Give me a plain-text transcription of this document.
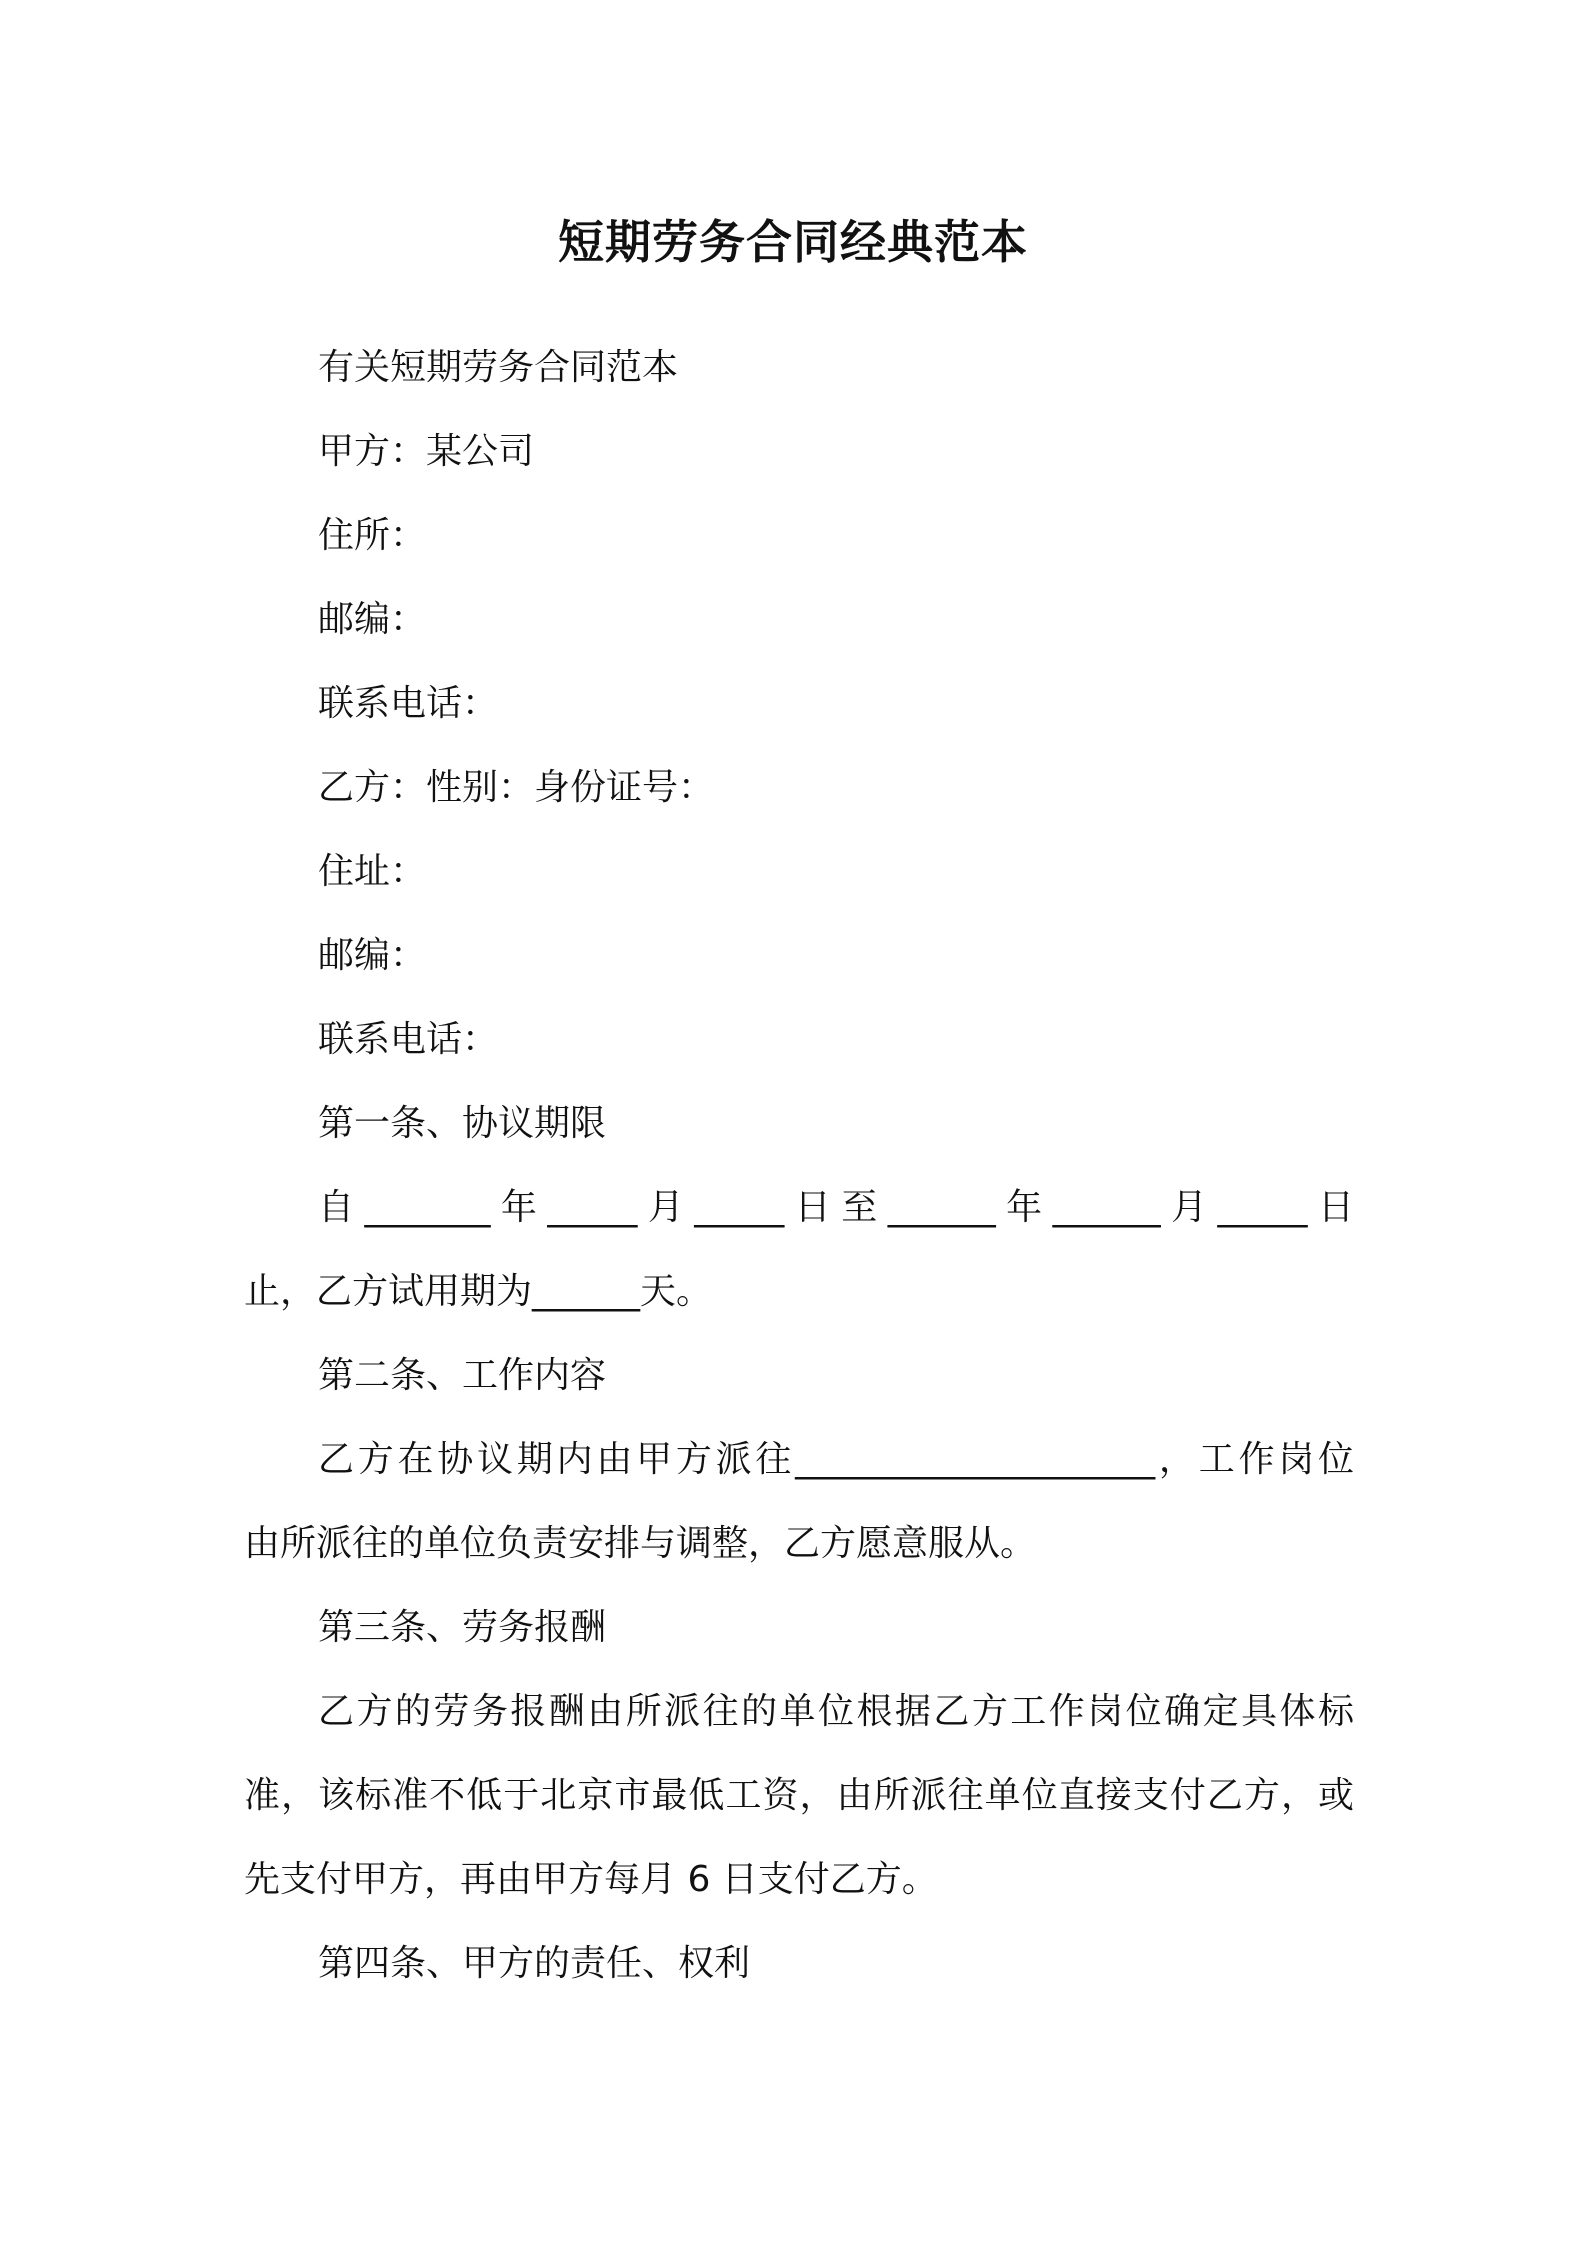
短期劳务合同经典范本
有关短期劳务合同范本
甲方：某公司
住所：
邮编：
联系电话：
乙方：性别：身份证号：
住址：
邮编：
联系电话：
第一条、协议期限
自_______年_____月_____日至______年______月_____日
止，乙方试用期为______天。
第二条、工作内容
乙方在协议期内由甲方派往____________________，工作岗位
由所派往的单位负责安排与调整，乙方愿意服从。
第三条、劳务报酬
乙方的劳务报酬由所派往的单位根据乙方工作岗位确定具体标
准，该标准不低于北京市最低工资，由所派往单位直接支付乙方，或
先支付甲方，再由甲方每月 6 日支付乙方。
第四条、甲方的责任、权利
